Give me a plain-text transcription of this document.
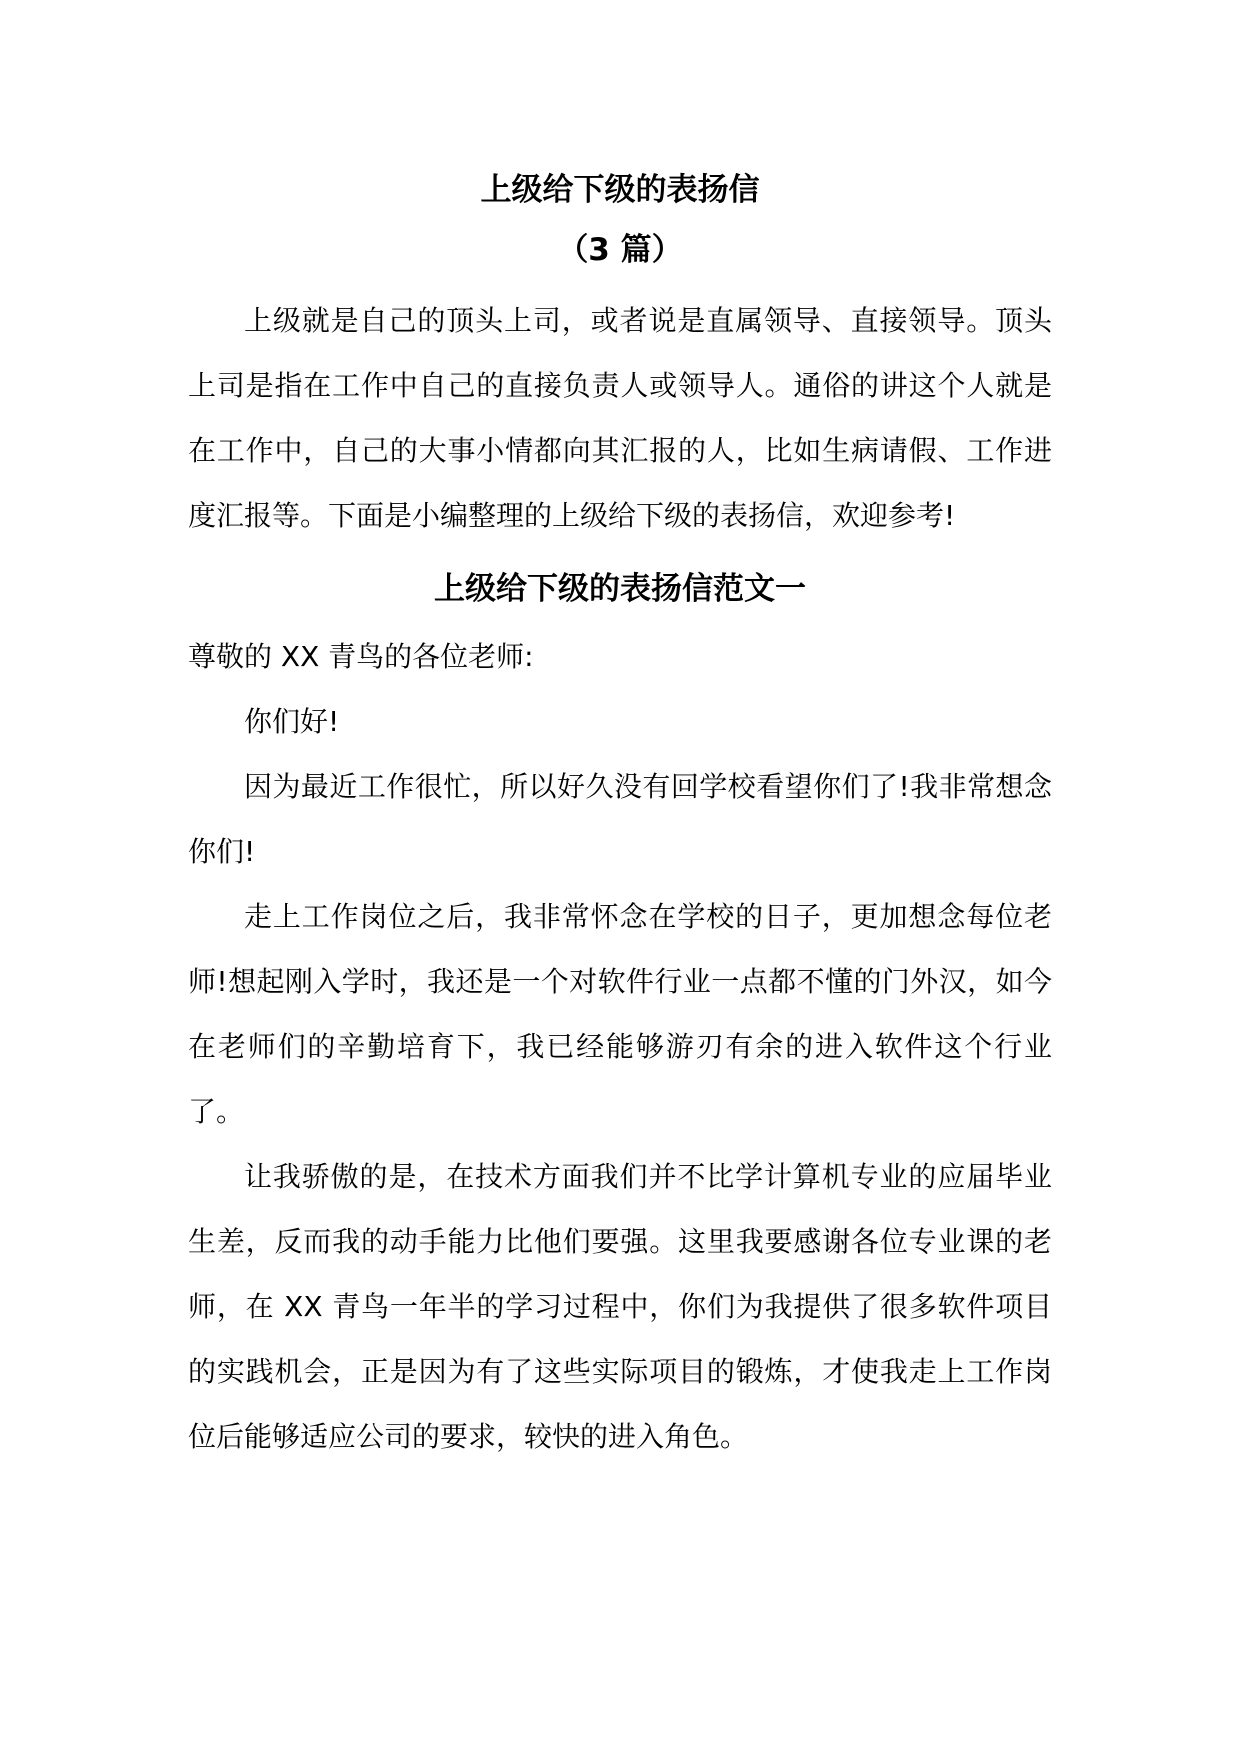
上级给下级的表扬信
（3 篇）

上级就是自己的顶头上司，或者说是直属领导、直接领导。顶头上司是指在工作中自己的直接负责人或领导人。通俗的讲这个人就是在工作中，自己的大事小情都向其汇报的人，比如生病请假、工作进度汇报等。下面是小编整理的上级给下级的表扬信，欢迎参考!

上级给下级的表扬信范文一

尊敬的 XX 青鸟的各位老师:

你们好!

因为最近工作很忙，所以好久没有回学校看望你们了!我非常想念你们!

走上工作岗位之后，我非常怀念在学校的日子，更加想念每位老师!想起刚入学时，我还是一个对软件行业一点都不懂的门外汉，如今在老师们的辛勤培育下，我已经能够游刃有余的进入软件这个行业了。

让我骄傲的是，在技术方面我们并不比学计算机专业的应届毕业生差，反而我的动手能力比他们要强。这里我要感谢各位专业课的老师，在 XX 青鸟一年半的学习过程中，你们为我提供了很多软件项目的实践机会，正是因为有了这些实际项目的锻炼，才使我走上工作岗位后能够适应公司的要求，较快的进入角色。
